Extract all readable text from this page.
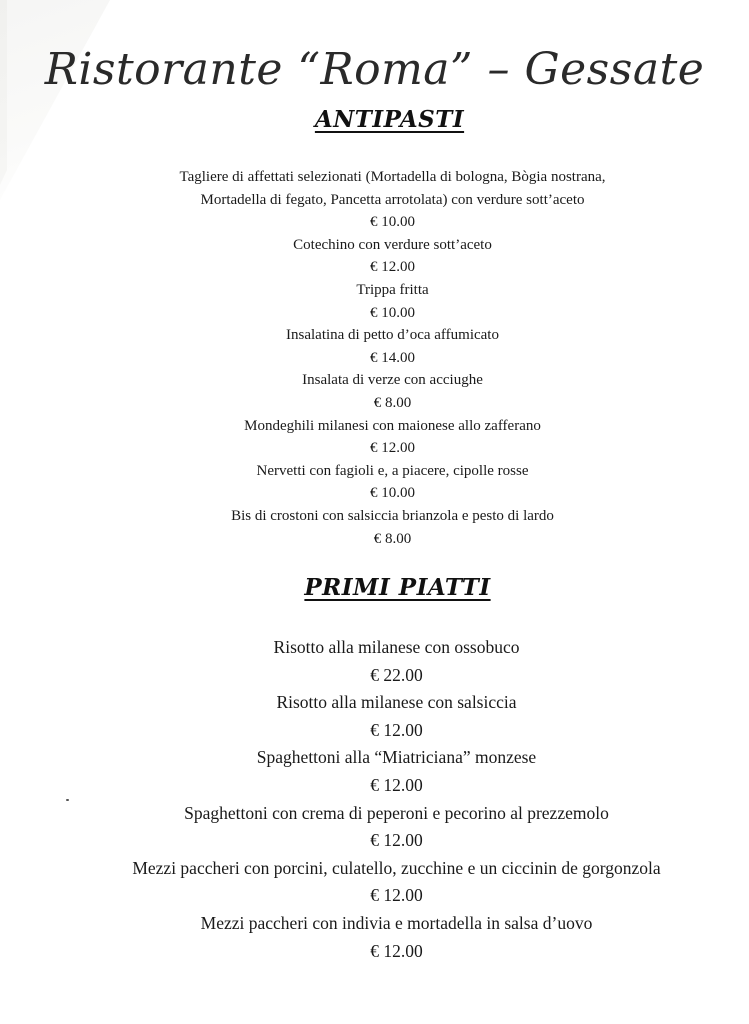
Ristorante “Roma” – Gessate
ANTIPASTI
Tagliere di affettati selezionati (Mortadella di bologna, Bògia nostrana,
Mortadella di fegato, Pancetta arrotolata) con verdure sott’aceto
€ 10.00
Cotechino con verdure sott’aceto
€ 12.00
Trippa fritta
€ 10.00
Insalatina di petto d’oca affumicato
€ 14.00
Insalata di verze con acciughe
€ 8.00
Mondeghili milanesi con maionese allo zafferano
€ 12.00
Nervetti con fagioli e, a piacere, cipolle rosse
€ 10.00
Bis di crostoni con salsiccia brianzola e pesto di lardo
€ 8.00
PRIMI PIATTI
Risotto alla milanese con ossobuco
€ 22.00
Risotto alla milanese con salsiccia
€ 12.00
Spaghettoni alla “Miatriciana” monzese
€ 12.00
Spaghettoni con crema di peperoni e pecorino al prezzemolo
€ 12.00
Mezzi paccheri con porcini, culatello, zucchine e un ciccinin de gorgonzola
€ 12.00
Mezzi paccheri con indivia e mortadella in salsa d’uovo
€ 12.00
